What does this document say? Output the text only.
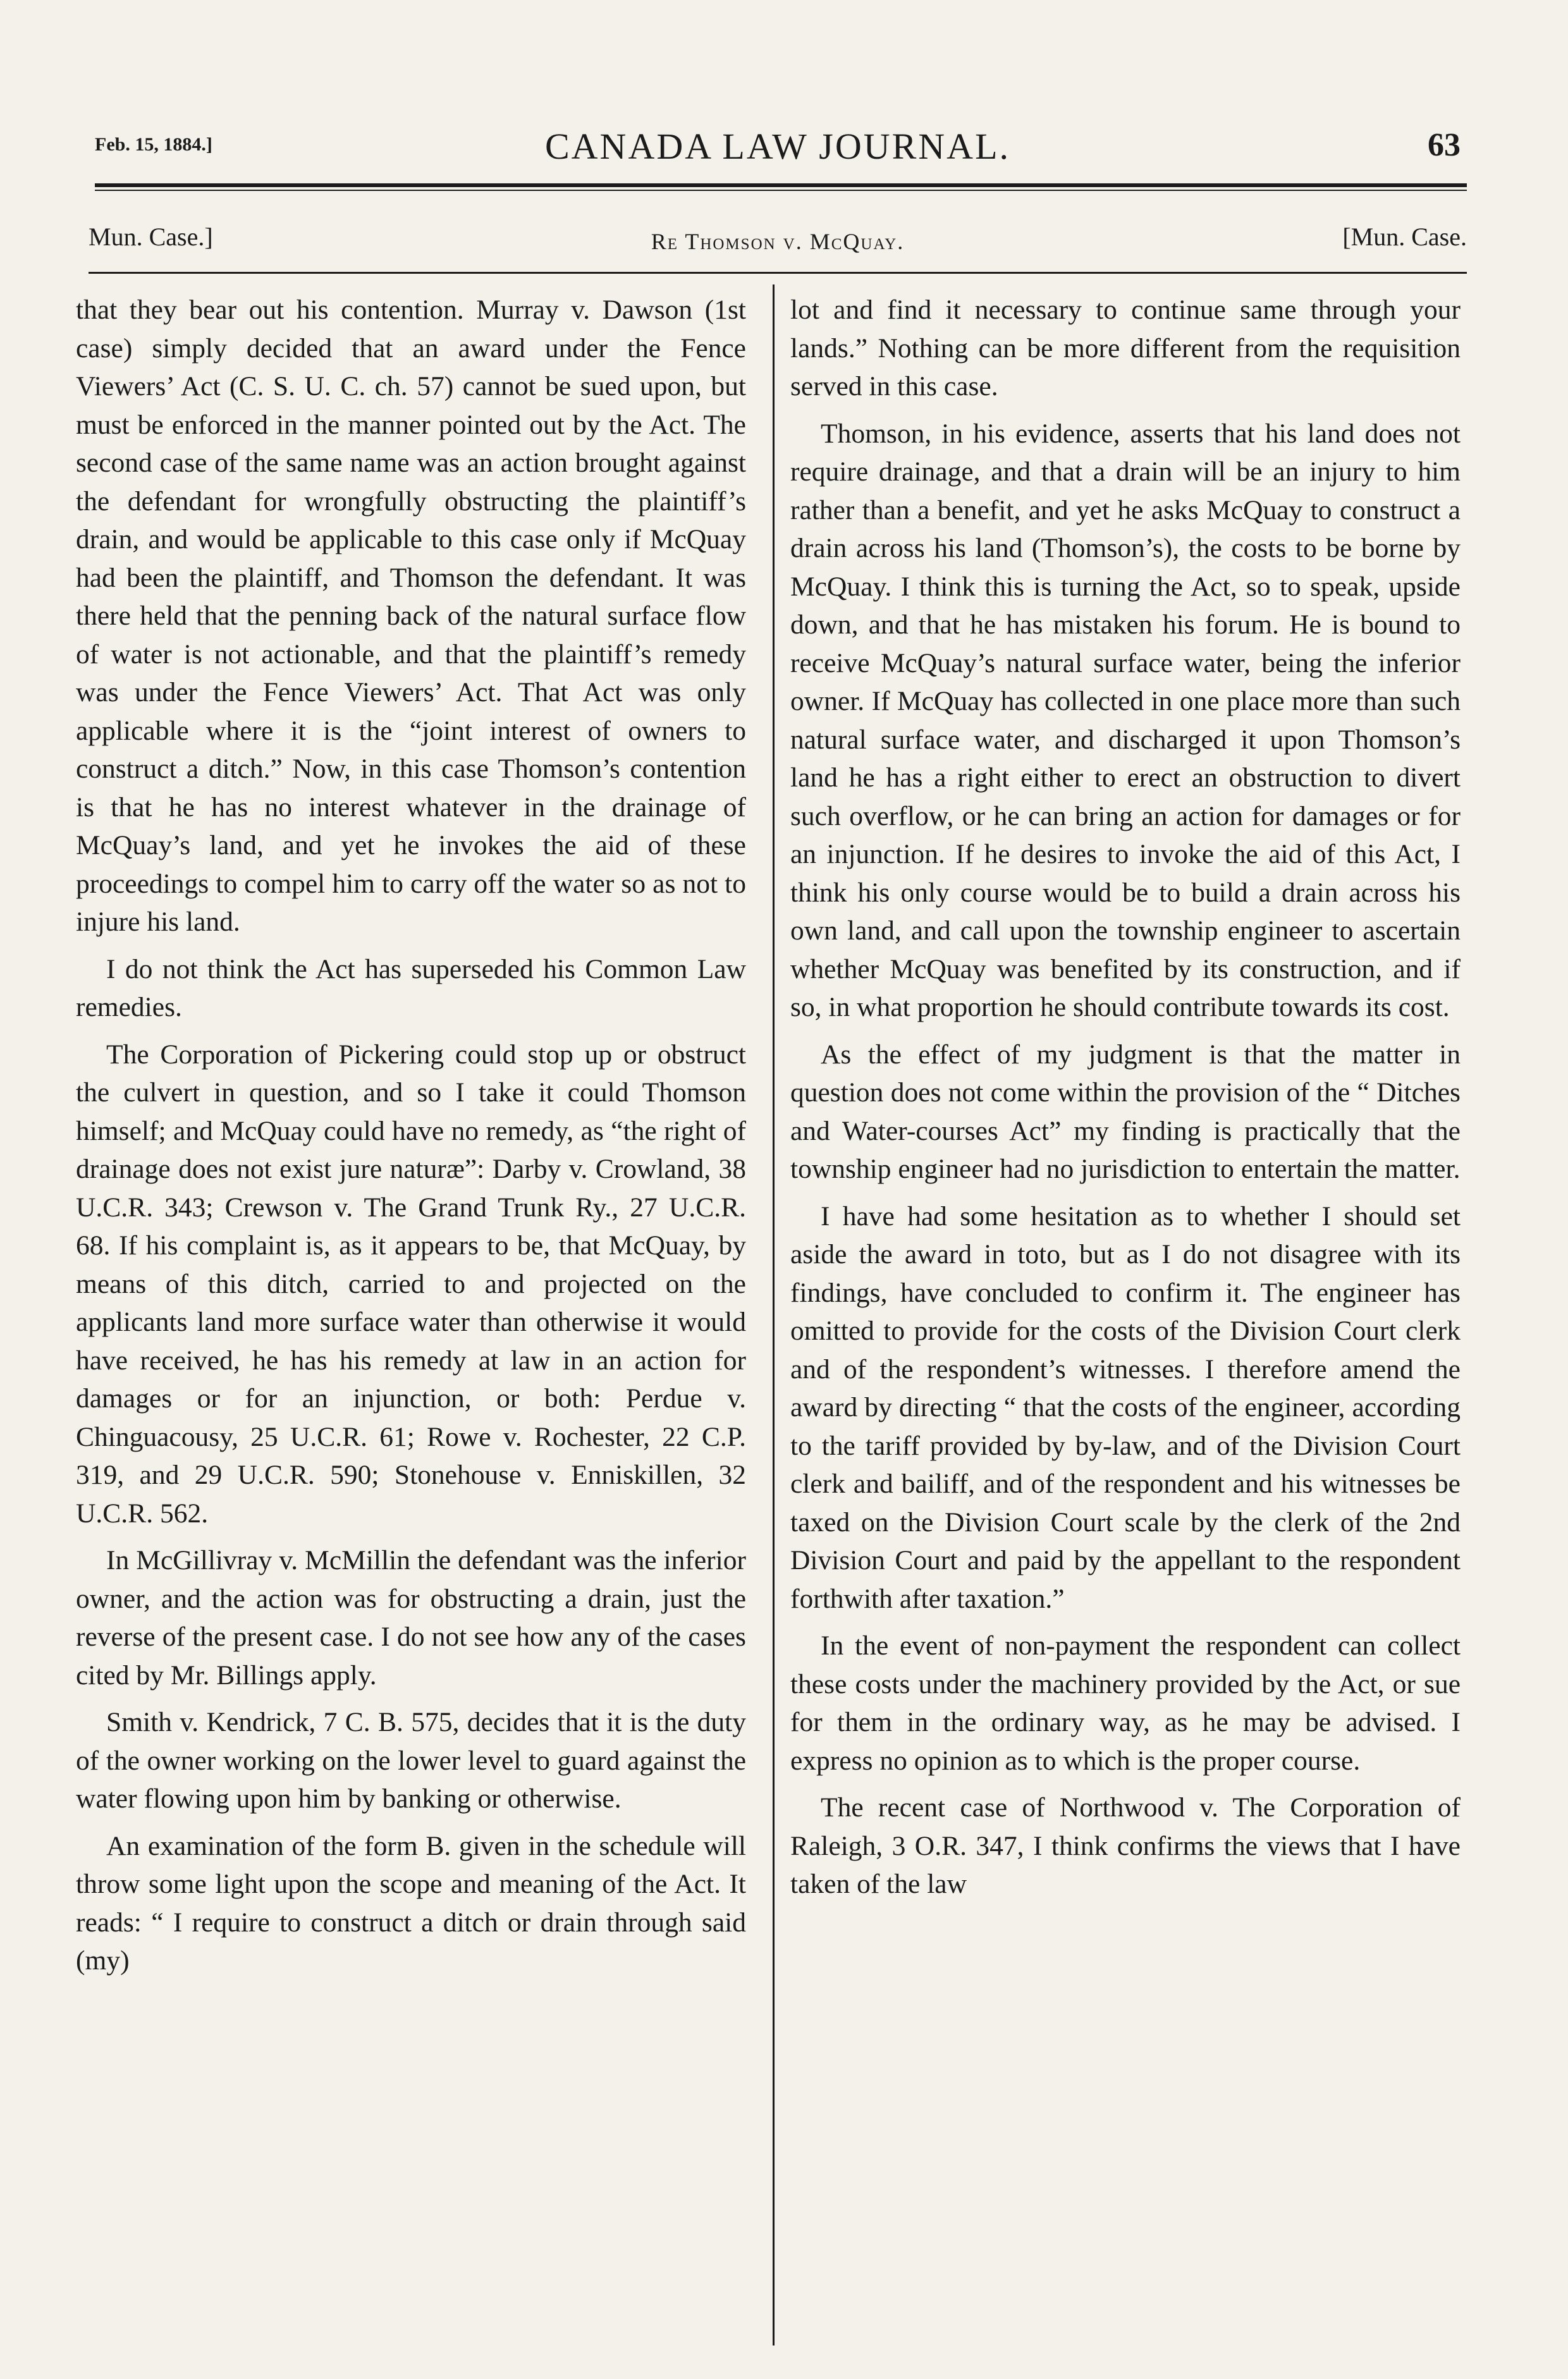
Feb. 15, 1884.]	CANADA LAW JOURNAL.	63
Mun. Case.]	Re Thomson v. McQuay.	[Mun. Case.

that they bear out his contention. Murray v. Dawson (1st case) simply decided that an award under the Fence Viewers’ Act (C. S. U. C. ch. 57) cannot be sued upon, but must be enforced in the manner pointed out by the Act. The second case of the same name was an action brought against the defendant for wrongfully obstructing the plaintiff’s drain, and would be applicable to this case only if McQuay had been the plaintiff, and Thomson the defendant. It was there held that the penning back of the natural surface flow of water is not actionable, and that the plaintiff’s remedy was under the Fence Viewers’ Act. That Act was only applicable where it is the “joint interest of owners to construct a ditch.” Now, in this case Thomson’s contention is that he has no interest whatever in the drainage of McQuay’s land, and yet he invokes the aid of these proceedings to compel him to carry off the water so as not to injure his land.

I do not think the Act has superseded his Common Law remedies.

The Corporation of Pickering could stop up or obstruct the culvert in question, and so I take it could Thomson himself; and McQuay could have no remedy, as “the right of drainage does not exist jure naturæ”: Darby v. Crowland, 38 U.C.R. 343; Crewson v. The Grand Trunk Ry., 27 U.C.R. 68. If his complaint is, as it appears to be, that McQuay, by means of this ditch, carried to and projected on the applicants land more surface water than otherwise it would have received, he has his remedy at law in an action for damages or for an injunction, or both: Perdue v. Chinguacousy, 25 U.C.R. 61; Rowe v. Rochester, 22 C.P. 319, and 29 U.C.R. 590; Stonehouse v. Enniskillen, 32 U.C.R. 562.

In McGillivray v. McMillin the defendant was the inferior owner, and the action was for obstructing a drain, just the reverse of the present case. I do not see how any of the cases cited by Mr. Billings apply.

Smith v. Kendrick, 7 C. B. 575, decides that it is the duty of the owner working on the lower level to guard against the water flowing upon him by banking or otherwise.

An examination of the form B. given in the schedule will throw some light upon the scope and meaning of the Act. It reads: “ I require to construct a ditch or drain through said (my)

lot and find it necessary to continue same through your lands.” Nothing can be more different from the requisition served in this case.

Thomson, in his evidence, asserts that his land does not require drainage, and that a drain will be an injury to him rather than a benefit, and yet he asks McQuay to construct a drain across his land (Thomson’s), the costs to be borne by McQuay. I think this is turning the Act, so to speak, upside down, and that he has mistaken his forum. He is bound to receive McQuay’s natural surface water, being the inferior owner. If McQuay has collected in one place more than such natural surface water, and discharged it upon Thomson’s land he has a right either to erect an obstruction to divert such overflow, or he can bring an action for damages or for an injunction. If he desires to invoke the aid of this Act, I think his only course would be to build a drain across his own land, and call upon the township engineer to ascertain whether McQuay was benefited by its construction, and if so, in what proportion he should contribute towards its cost.

As the effect of my judgment is that the matter in question does not come within the provision of the “ Ditches and Water-courses Act” my finding is practically that the township engineer had no jurisdiction to entertain the matter.

I have had some hesitation as to whether I should set aside the award in toto, but as I do not disagree with its findings, have concluded to confirm it. The engineer has omitted to provide for the costs of the Division Court clerk and of the respondent’s witnesses. I therefore amend the award by directing “ that the costs of the engineer, according to the tariff provided by by-law, and of the Division Court clerk and bailiff, and of the respondent and his witnesses be taxed on the Division Court scale by the clerk of the 2nd Division Court and paid by the appellant to the respondent forthwith after taxation.”

In the event of non-payment the respondent can collect these costs under the machinery provided by the Act, or sue for them in the ordinary way, as he may be advised. I express no opinion as to which is the proper course.

The recent case of Northwood v. The Corporation of Raleigh, 3 O.R. 347, I think confirms the views that I have taken of the law
